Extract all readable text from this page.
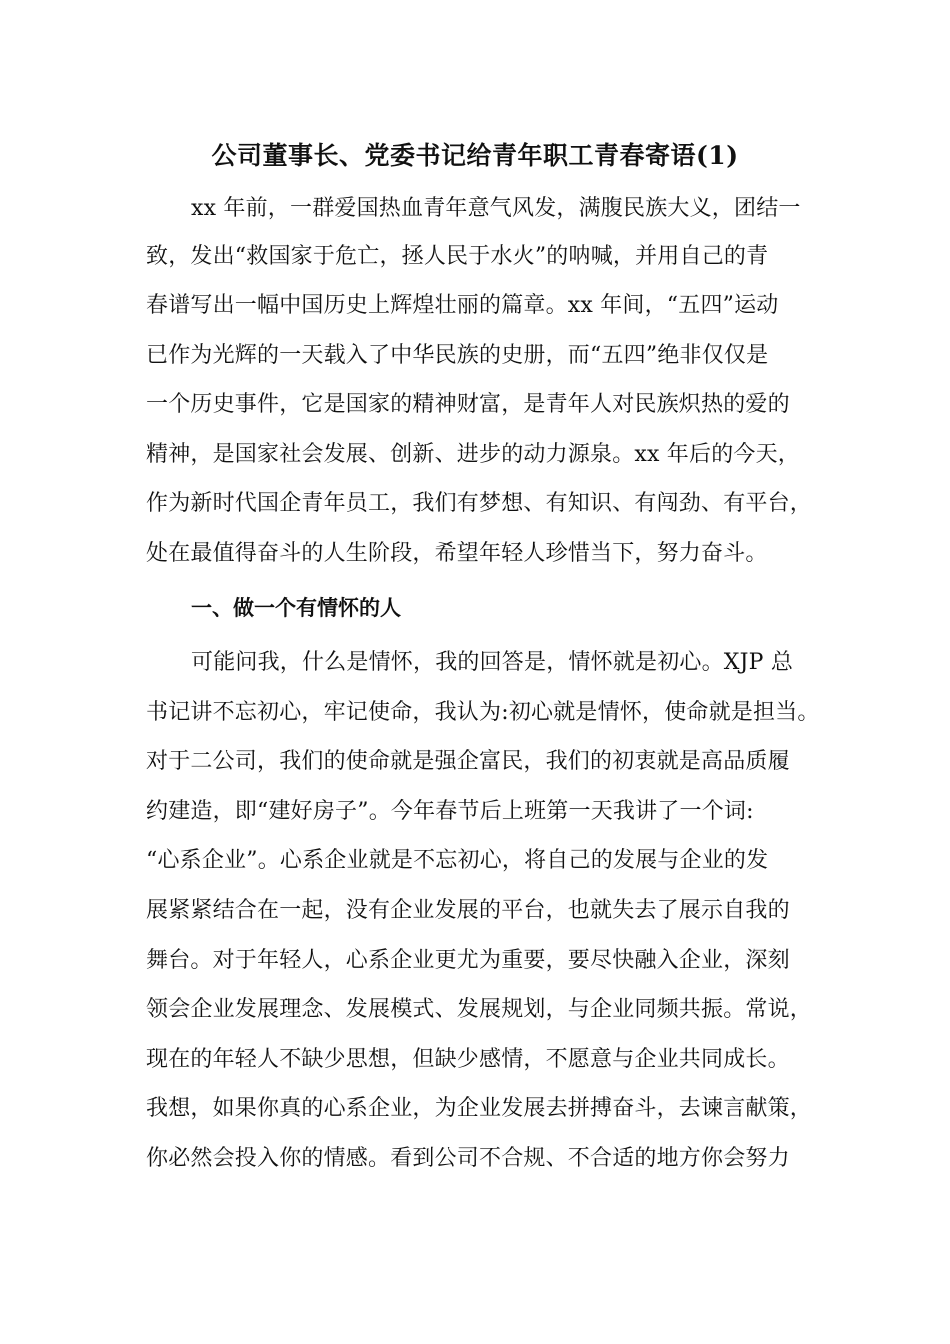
公司董事长、党委书记给青年职工青春寄语(1)
xx 年前，一群爱国热血青年意气风发，满腹民族大义，团结一
致，发出“救国家于危亡，拯人民于水火”的呐喊，并用自己的青
春谱写出一幅中国历史上辉煌壮丽的篇章。xx 年间，“五四”运动
已作为光辉的一天载入了中华民族的史册，而“五四”绝非仅仅是
一个历史事件，它是国家的精神财富，是青年人对民族炽热的爱的
精神，是国家社会发展、创新、进步的动力源泉。xx 年后的今天，
作为新时代国企青年员工，我们有梦想、有知识、有闯劲、有平台，
处在最值得奋斗的人生阶段，希望年轻人珍惜当下，努力奋斗。
一、做一个有情怀的人
可能问我，什么是情怀，我的回答是，情怀就是初心。XJP 总
书记讲不忘初心，牢记使命，我认为:初心就是情怀，使命就是担当。
对于二公司，我们的使命就是强企富民，我们的初衷就是高品质履
约建造，即“建好房子”。今年春节后上班第一天我讲了一个词:
“心系企业”。心系企业就是不忘初心，将自己的发展与企业的发
展紧紧结合在一起，没有企业发展的平台，也就失去了展示自我的
舞台。对于年轻人，心系企业更尤为重要，要尽快融入企业，深刻
领会企业发展理念、发展模式、发展规划，与企业同频共振。常说，
现在的年轻人不缺少思想，但缺少感情，不愿意与企业共同成长。
我想，如果你真的心系企业，为企业发展去拼搏奋斗，去谏言献策，
你必然会投入你的情感。看到公司不合规、不合适的地方你会努力
